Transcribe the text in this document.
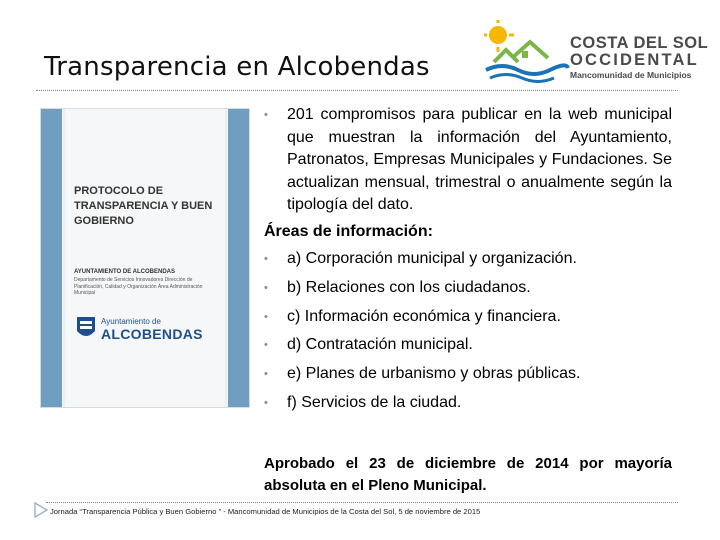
Transparencia en Alcobendas
COSTA DEL SOL
OCCIDENTAL
Mancomunidad de Municipios
PROTOCOLO DE TRANSPARENCIA Y BUEN GOBIERNO
AYUNTAMIENTO DE ALCOBENDAS
Departamento de Servicios Innovadores Dirección de Planificación, Calidad y Organización Área Administración Municipal
Ayuntamiento de
ALCOBENDAS
• 201 compromisos para publicar en la web municipal que muestran la información del Ayuntamiento, Patronatos, Empresas Municipales y Fundaciones. Se actualizan mensual, trimestral o anualmente según la tipología del dato.
Áreas de información:
• a) Corporación municipal y organización.
• b) Relaciones con los ciudadanos.
• c) Información económica y financiera.
• d) Contratación municipal.
• e) Planes de urbanismo y obras públicas.
• f) Servicios de la ciudad.
Aprobado el 23 de diciembre de 2014 por mayoría absoluta en el Pleno Municipal.
Jornada “Transparencia Pública y Buen Gobierno ” - Mancomunidad de Municipios de la Costa del Sol, 5 de noviembre de 2015
